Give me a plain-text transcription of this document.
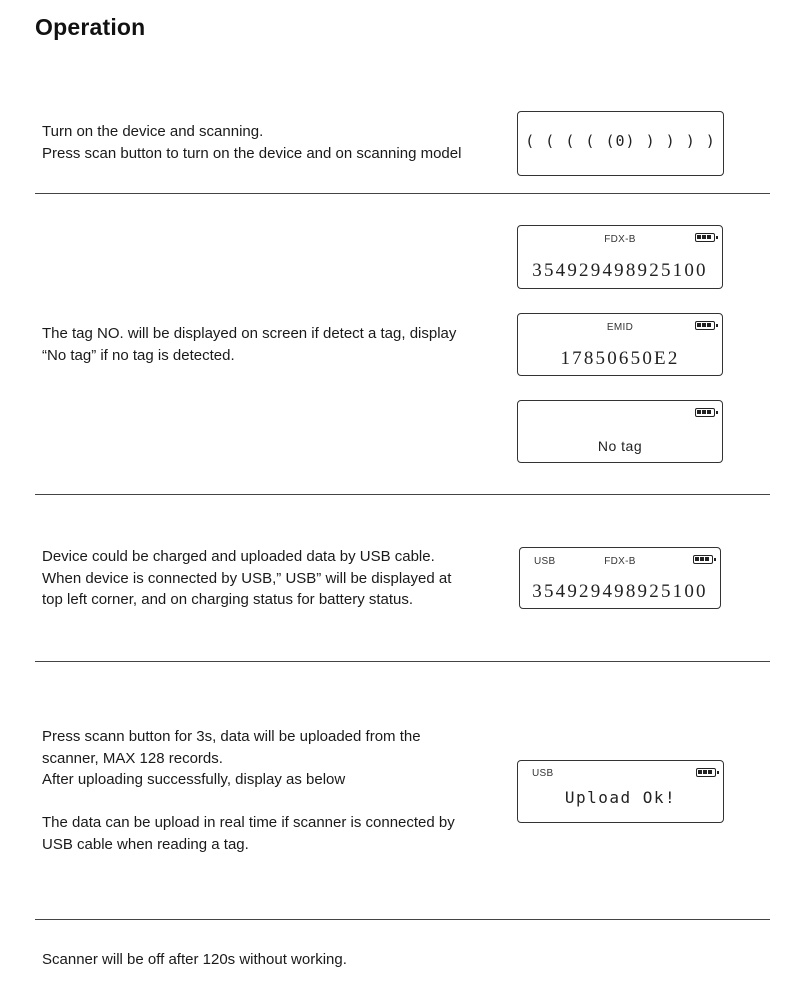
Operation
Turn on the device and scanning.
Press scan button to turn on the device and on scanning model
( ( ( ( (0) ) ) ) )
The tag NO. will be displayed on screen if detect a tag, display
“No tag” if no tag is detected.
FDX-B
354929498925100
EMID
17850650E2
No tag
Device could be charged and uploaded data by USB cable.
When device is connected by USB,” USB” will be displayed at
top left corner, and on charging status for battery status.
USB	FDX-B
354929498925100
Press scann button for 3s, data will be uploaded from the
scanner, MAX 128 records.
After uploading successfully, display as below
The data can be upload in real time if scanner is connected by
USB cable when reading a tag.
USB
Upload Ok!
Scanner will be off after 120s without working.
